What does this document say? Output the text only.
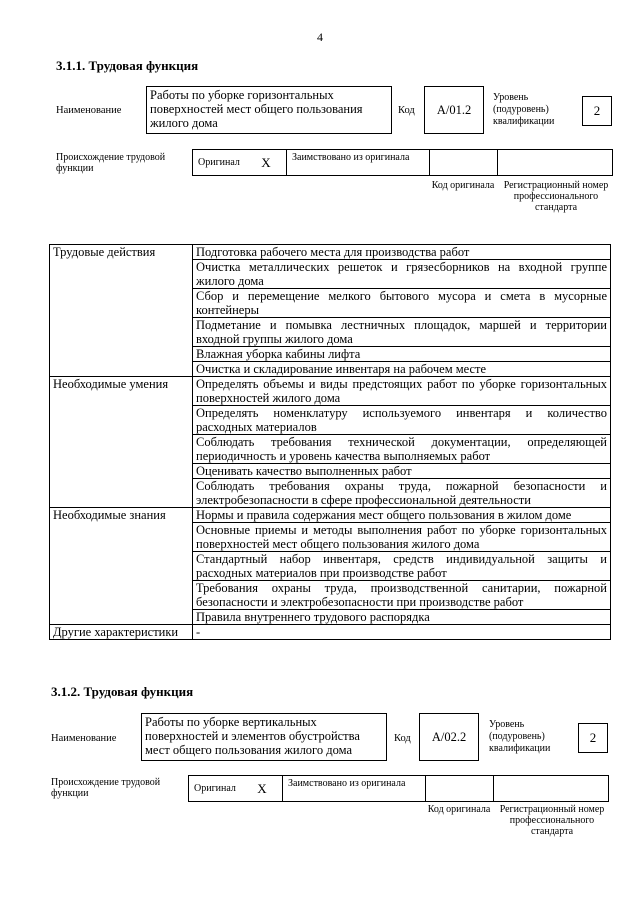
4
3.1.1. Трудовая функция
Наименование
Работы по уборке горизонтальных поверхностей мест общего пользования жилого дома
Код	A/01.2
Уровень (подуровень) квалификации
2
Происхождение трудовой функции
Оригинал	X	Заимствовано из оригинала
Код оригинала Регистрационный номер профессионального стандарта
Трудовые действия	Подготовка рабочего места для производства работ
	Очистка металлических решеток и грязесборников на входной группе жилого дома
	Сбор и перемещение мелкого бытового мусора и смета в мусорные контейнеры
	Подметание и помывка лестничных площадок, маршей и территории входной группы жилого дома
	Влажная уборка кабины лифта
	Очистка и складирование инвентаря на рабочем месте
Необходимые умения	Определять объемы и виды предстоящих работ по уборке горизонтальных поверхностей жилого дома
	Определять номенклатуру используемого инвентаря и количество расходных материалов
	Соблюдать требования технической документации, определяющей периодичность и уровень качества выполняемых работ
	Оценивать качество выполненных работ
	Соблюдать требования охраны труда, пожарной безопасности и электробезопасности в сфере профессиональной деятельности
Необходимые знания	Нормы и правила содержания мест общего пользования в жилом доме
	Основные приемы и методы выполнения работ по уборке горизонтальных поверхностей мест общего пользования жилого дома
	Стандартный набор инвентаря, средств индивидуальной защиты и расходных материалов при производстве работ
	Требования охраны труда, производственной санитарии, пожарной безопасности и электробезопасности при производстве работ
	Правила внутреннего трудового распорядка
Другие характеристики	-
3.1.2. Трудовая функция
Наименование
Работы по уборке вертикальных поверхностей и элементов обустройства мест общего пользования жилого дома
Код	A/02.2
Уровень (подуровень) квалификации
2
Происхождение трудовой функции	Оригинал	X	Заимствовано из оригинала
Код оригинала Регистрационный номер профессионального стандарта
